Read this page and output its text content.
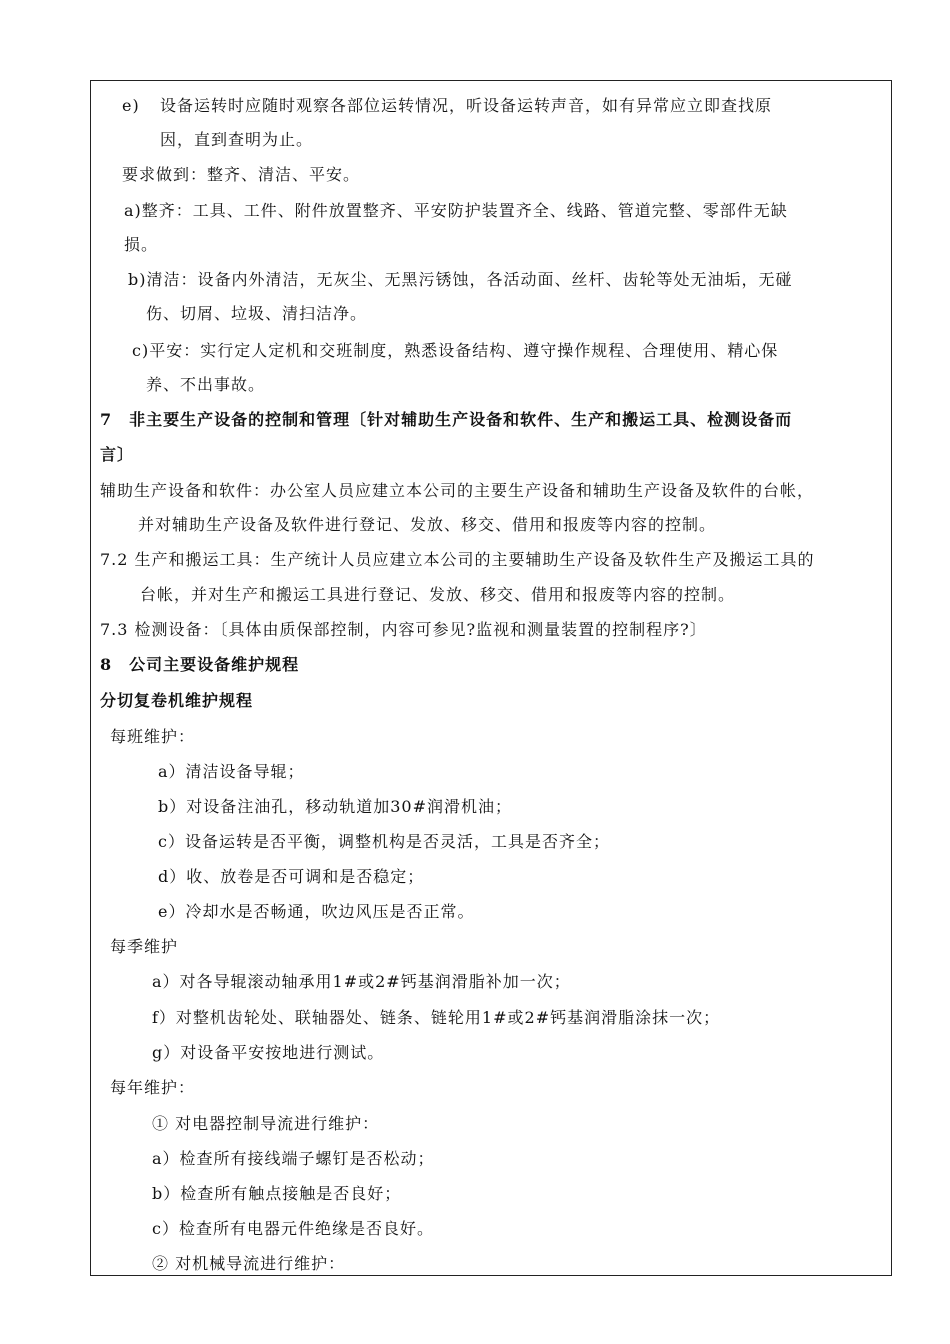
e) 设备运转时应随时观察各部位运转情况，听设备运转声音，如有异常应立即查找原
因，直到查明为止。
要求做到：整齐、清洁、平安。
a)整齐：工具、工件、附件放置整齐、平安防护装置齐全、线路、管道完整、零部件无缺
损。
b)清洁：设备内外清洁，无灰尘、无黑污锈蚀，各活动面、丝杆、齿轮等处无油垢，无碰
伤、切屑、垃圾、清扫洁净。
c)平安：实行定人定机和交班制度，熟悉设备结构、遵守操作规程、合理使用、精心保
养、不出事故。
7　非主要生产设备的控制和管理〔针对辅助生产设备和软件、生产和搬运工具、检测设备而
言〕
辅助生产设备和软件：办公室人员应建立本公司的主要生产设备和辅助生产设备及软件的台帐，
并对辅助生产设备及软件进行登记、发放、移交、借用和报废等内容的控制。
7.2 生产和搬运工具：生产统计人员应建立本公司的主要辅助生产设备及软件生产及搬运工具的
台帐，并对生产和搬运工具进行登记、发放、移交、借用和报废等内容的控制。
7.3 检测设备：〔具体由质保部控制，内容可参见?监视和测量装置的控制程序?〕
8　公司主要设备维护规程
分切复卷机维护规程
每班维护：
a）清洁设备导辊；
b）对设备注油孔，移动轨道加30#润滑机油；
c）设备运转是否平衡，调整机构是否灵活，工具是否齐全；
d）收、放卷是否可调和是否稳定；
e）冷却水是否畅通，吹边风压是否正常。
每季维护
a）对各导辊滚动轴承用1#或2#钙基润滑脂补加一次；
f）对整机齿轮处、联轴器处、链条、链轮用1#或2#钙基润滑脂涂抹一次；
g）对设备平安按地进行测试。
每年维护：
① 对电器控制导流进行维护：
a）检查所有接线端子螺钉是否松动；
b）检查所有触点接触是否良好；
c）检查所有电器元件绝缘是否良好。
② 对机械导流进行维护：
